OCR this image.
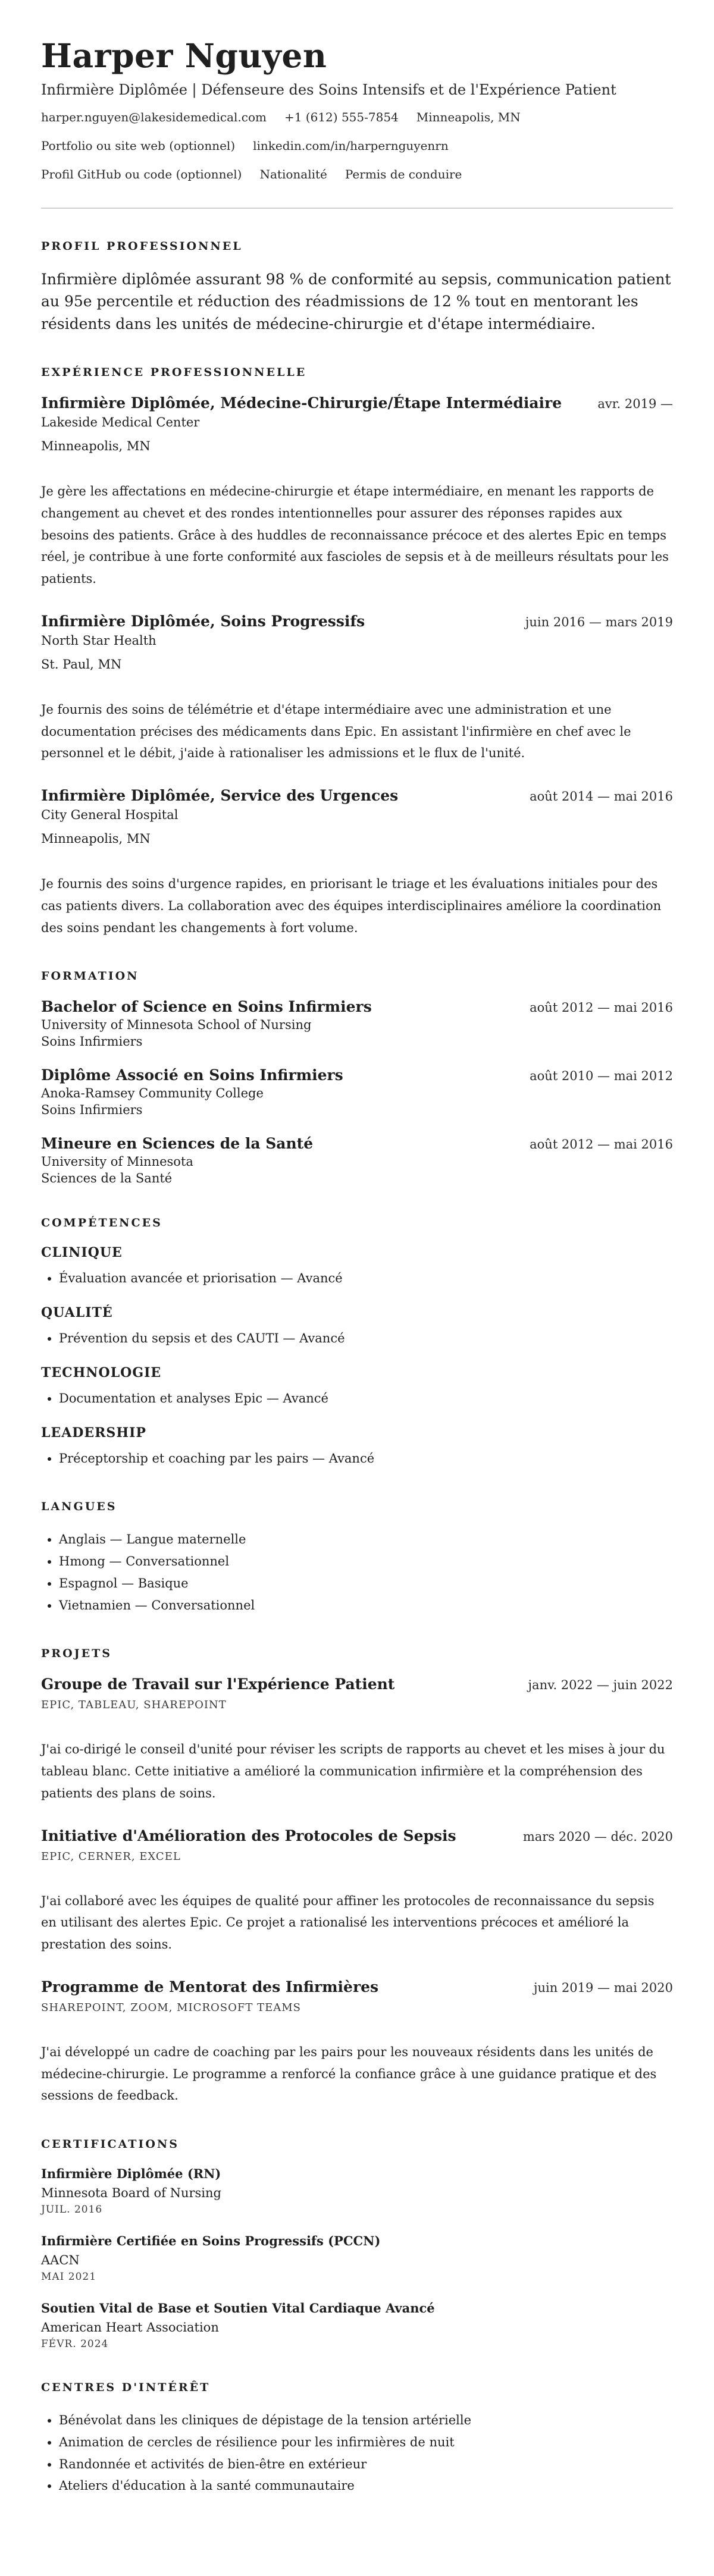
Harper Nguyen
Infirmière Diplômée | Défenseure des Soins Intensifs et de l'Expérience Patient
harper.nguyen@lakesidemedical.com +1 (612) 555-7854 Minneapolis, MN
Portfolio ou site web (optionnel) linkedin.com/in/harpernguyenrn
Profil GitHub ou code (optionnel) Nationalité Permis de conduire
PROFIL PROFESSIONNEL
Infirmière diplômée assurant 98 % de conformité au sepsis, communication patient au 95e percentile et réduction des réadmissions de 12 % tout en mentorant les résidents dans les unités de médecine-chirurgie et d'étape intermédiaire.
EXPÉRIENCE PROFESSIONNELLE
Infirmière Diplômée, Médecine-Chirurgie/Étape Intermédiaire	avr. 2019 —
Lakeside Medical Center
Minneapolis, MN
Je gère les affectations en médecine-chirurgie et étape intermédiaire, en menant les rapports de changement au chevet et des rondes intentionnelles pour assurer des réponses rapides aux besoins des patients. Grâce à des huddles de reconnaissance précoce et des alertes Epic en temps réel, je contribue à une forte conformité aux fascioles de sepsis et à de meilleurs résultats pour les patients.
Infirmière Diplômée, Soins Progressifs	juin 2016 — mars 2019
North Star Health
St. Paul, MN
Je fournis des soins de télémétrie et d'étape intermédiaire avec une administration et une documentation précises des médicaments dans Epic. En assistant l'infirmière en chef avec le personnel et le débit, j'aide à rationaliser les admissions et le flux de l'unité.
Infirmière Diplômée, Service des Urgences	août 2014 — mai 2016
City General Hospital
Minneapolis, MN
Je fournis des soins d'urgence rapides, en priorisant le triage et les évaluations initiales pour des cas patients divers. La collaboration avec des équipes interdisciplinaires améliore la coordination des soins pendant les changements à fort volume.
FORMATION
Bachelor of Science en Soins Infirmiers	août 2012 — mai 2016
University of Minnesota School of Nursing
Soins Infirmiers
Diplôme Associé en Soins Infirmiers	août 2010 — mai 2012
Anoka-Ramsey Community College
Soins Infirmiers
Mineure en Sciences de la Santé	août 2012 — mai 2016
University of Minnesota
Sciences de la Santé
COMPÉTENCES
CLINIQUE
• Évaluation avancée et priorisation — Avancé
QUALITÉ
• Prévention du sepsis et des CAUTI — Avancé
TECHNOLOGIE
• Documentation et analyses Epic — Avancé
LEADERSHIP
• Préceptorship et coaching par les pairs — Avancé
LANGUES
• Anglais — Langue maternelle
• Hmong — Conversationnel
• Espagnol — Basique
• Vietnamien — Conversationnel
PROJETS
Groupe de Travail sur l'Expérience Patient	janv. 2022 — juin 2022
EPIC, TABLEAU, SHAREPOINT
J'ai co-dirigé le conseil d'unité pour réviser les scripts de rapports au chevet et les mises à jour du tableau blanc. Cette initiative a amélioré la communication infirmière et la compréhension des patients des plans de soins.
Initiative d'Amélioration des Protocoles de Sepsis	mars 2020 — déc. 2020
EPIC, CERNER, EXCEL
J'ai collaboré avec les équipes de qualité pour affiner les protocoles de reconnaissance du sepsis en utilisant des alertes Epic. Ce projet a rationalisé les interventions précoces et amélioré la prestation des soins.
Programme de Mentorat des Infirmières	juin 2019 — mai 2020
SHAREPOINT, ZOOM, MICROSOFT TEAMS
J'ai développé un cadre de coaching par les pairs pour les nouveaux résidents dans les unités de médecine-chirurgie. Le programme a renforcé la confiance grâce à une guidance pratique et des sessions de feedback.
CERTIFICATIONS
Infirmière Diplômée (RN)
Minnesota Board of Nursing
JUIL. 2016
Infirmière Certifiée en Soins Progressifs (PCCN)
AACN
MAI 2021
Soutien Vital de Base et Soutien Vital Cardiaque Avancé
American Heart Association
FÉVR. 2024
CENTRES D'INTÉRÊT
• Bénévolat dans les cliniques de dépistage de la tension artérielle
• Animation de cercles de résilience pour les infirmières de nuit
• Randonnée et activités de bien-être en extérieur
• Ateliers d'éducation à la santé communautaire
